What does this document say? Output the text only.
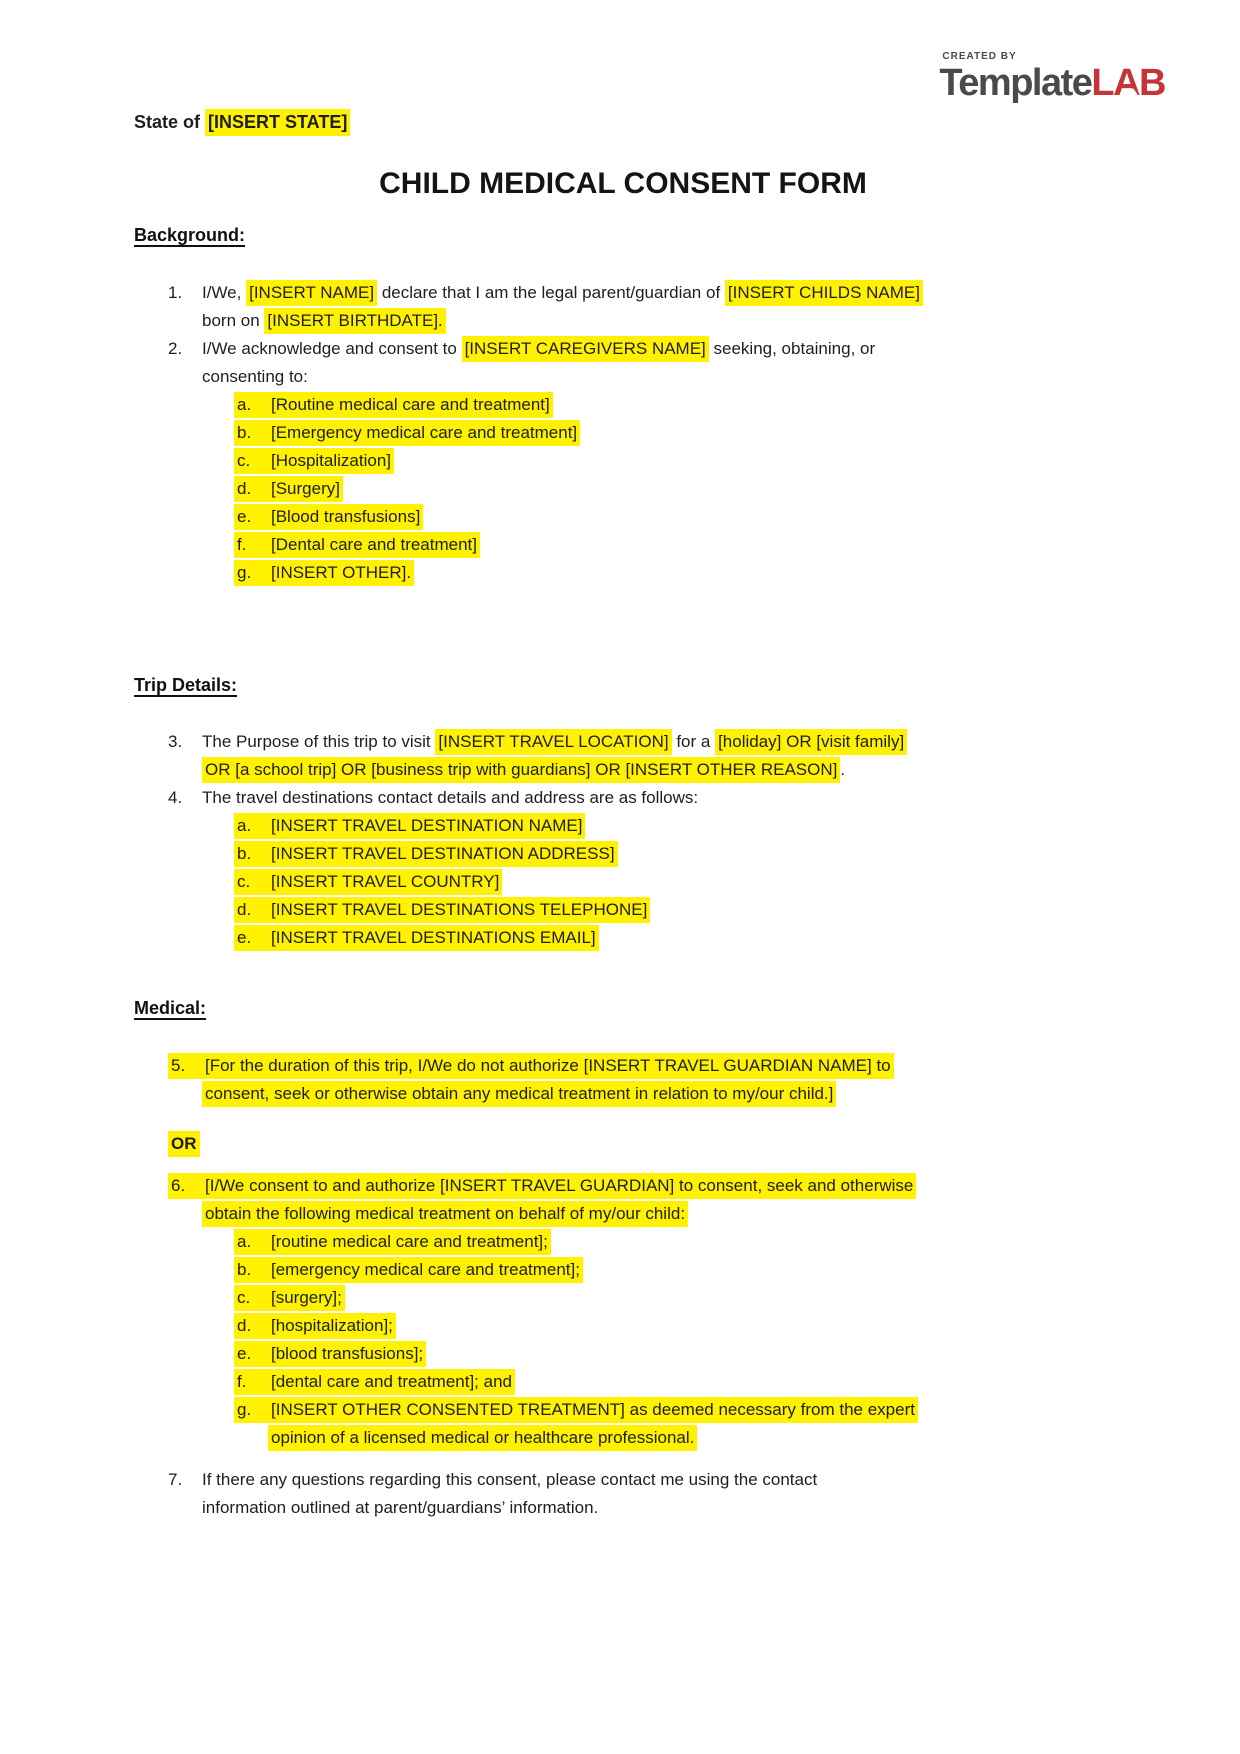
CREATED BY
TemplateLAB
State of [INSERT STATE]
CHILD MEDICAL CONSENT FORM
Background:
1. I/We, [INSERT NAME] declare that I am the legal parent/guardian of [INSERT CHILDS NAME]
born on [INSERT BIRTHDATE].
2. I/We acknowledge and consent to [INSERT CAREGIVERS NAME] seeking, obtaining, or
consenting to:
a. [Routine medical care and treatment]
b. [Emergency medical care and treatment]
c. [Hospitalization]
d. [Surgery]
e. [Blood transfusions]
f. [Dental care and treatment]
g. [INSERT OTHER].
Trip Details:
3. The Purpose of this trip to visit [INSERT TRAVEL LOCATION] for a [holiday] OR [visit family]
OR [a school trip] OR [business trip with guardians] OR [INSERT OTHER REASON] .
4. The travel destinations contact details and address are as follows:
a. [INSERT TRAVEL DESTINATION NAME]
b. [INSERT TRAVEL DESTINATION ADDRESS]
c. [INSERT TRAVEL COUNTRY]
d. [INSERT TRAVEL DESTINATIONS TELEPHONE]
e. [INSERT TRAVEL DESTINATIONS EMAIL]
Medical:
5. [For the duration of this trip, I/We do not authorize [INSERT TRAVEL GUARDIAN NAME] to
consent, seek or otherwise obtain any medical treatment in relation to my/our child.]
OR
6. [I/We consent to and authorize [INSERT TRAVEL GUARDIAN] to consent, seek and otherwise
obtain the following medical treatment on behalf of my/our child:
a. [routine medical care and treatment];
b. [emergency medical care and treatment];
c. [surgery];
d. [hospitalization];
e. [blood transfusions];
f. [dental care and treatment]; and
g. [INSERT OTHER CONSENTED TREATMENT] as deemed necessary from the expert
opinion of a licensed medical or healthcare professional.
7. If there any questions regarding this consent, please contact me using the contact
information outlined at parent/guardians’ information.
